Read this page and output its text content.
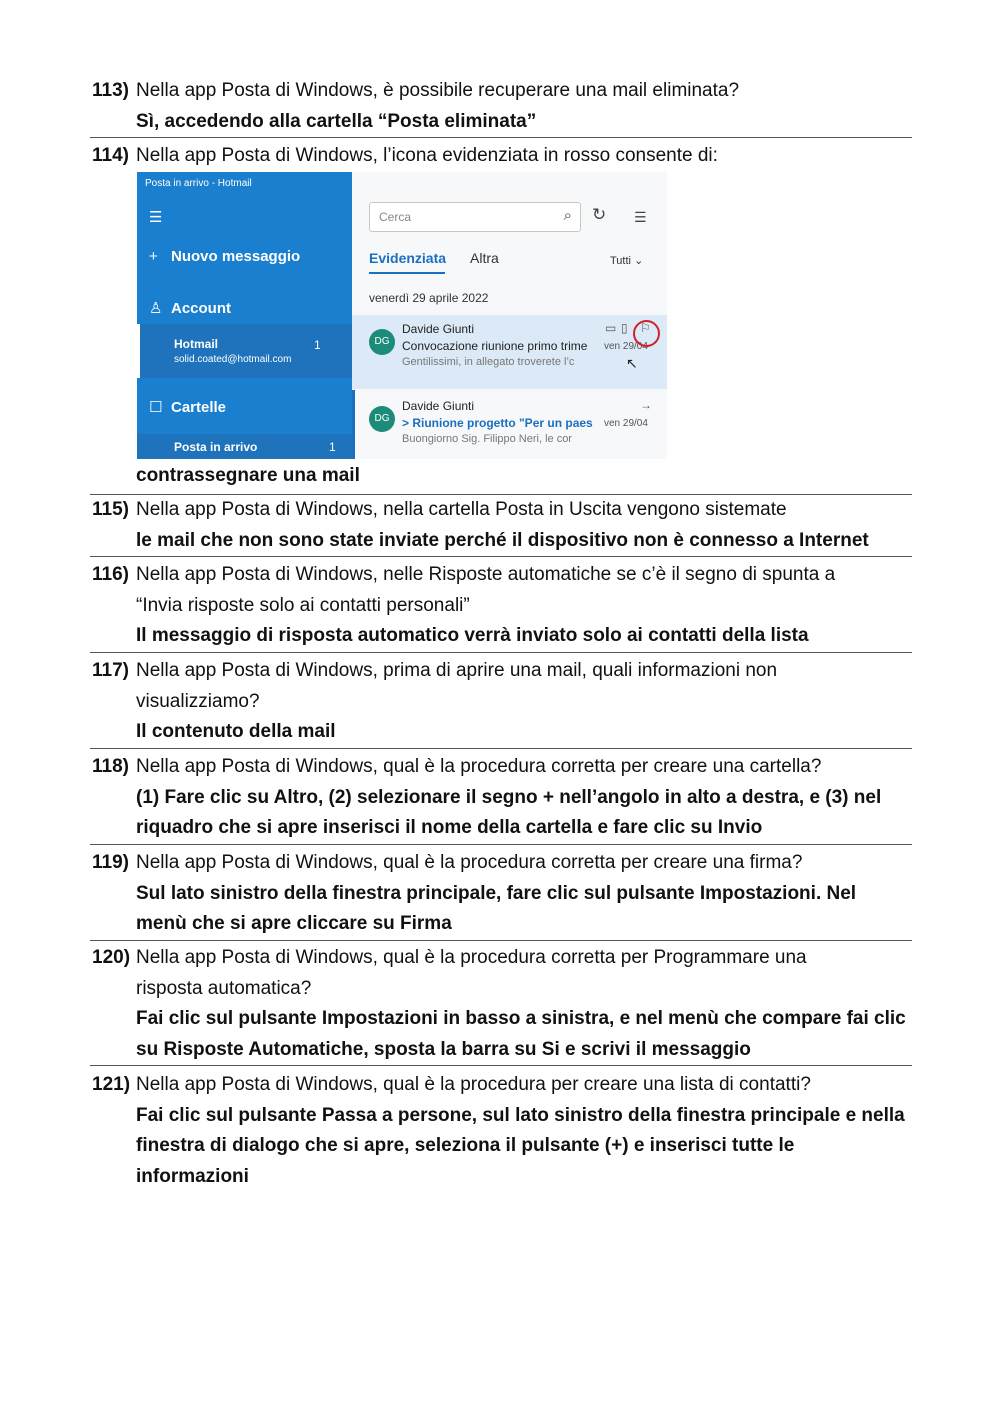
113) Nella app Posta di Windows, è possibile recuperare una mail eliminata?
Sì, accedendo alla cartella “Posta eliminata”
114) Nella app Posta di Windows, l’icona evidenziata in rosso consente di:
contrassegnare una mail
Posta in arrivo - Hotmail
☰
+ Nuovo messaggio
♙ Account
Hotmail
solid.coated@hotmail.com
1
☐ Cartelle
Posta in arrivo	1
Cerca	⌕ ↻ ☰
Evidenziata Altra	Tutti ⌄
venerdì 29 aprile 2022
DG
Davide Giunti
Convocazione riunione primo trime
Gentilissimi, in allegato troverete l’c
ven 29/04
▭ ▯ ⚐
↖
DG
Davide Giunti
> Riunione progetto "Per un paes
Buongiorno Sig. Filippo Neri, le cor
ven 29/04
→
115) Nella app Posta di Windows, nella cartella Posta in Uscita vengono sistemate
le mail che non sono state inviate perché il dispositivo non è connesso a Internet
116) Nella app Posta di Windows, nelle Risposte automatiche se c’è il segno di spunta a
“Invia risposte solo ai contatti personali”
Il messaggio di risposta automatico verrà inviato solo ai contatti della lista
117) Nella app Posta di Windows, prima di aprire una mail, quali informazioni non
visualizziamo?
Il contenuto della mail
118) Nella app Posta di Windows, qual è la procedura corretta per creare una cartella?
(1) Fare clic su Altro, (2) selezionare il segno + nell’angolo in alto a destra, e (3) nel
riquadro che si apre inserisci il nome della cartella e fare clic su Invio
119) Nella app Posta di Windows, qual è la procedura corretta per creare una firma?
Sul lato sinistro della finestra principale, fare clic sul pulsante Impostazioni. Nel
menù che si apre cliccare su Firma
120) Nella app Posta di Windows, qual è la procedura corretta per Programmare una
risposta automatica?
Fai clic sul pulsante Impostazioni in basso a sinistra, e nel menù che compare fai clic
su Risposte Automatiche, sposta la barra su Si e scrivi il messaggio
121) Nella app Posta di Windows, qual è la procedura per creare una lista di contatti?
Fai clic sul pulsante Passa a persone, sul lato sinistro della finestra principale e nella
finestra di dialogo che si apre, seleziona il pulsante (+) e inserisci tutte le
informazioni
